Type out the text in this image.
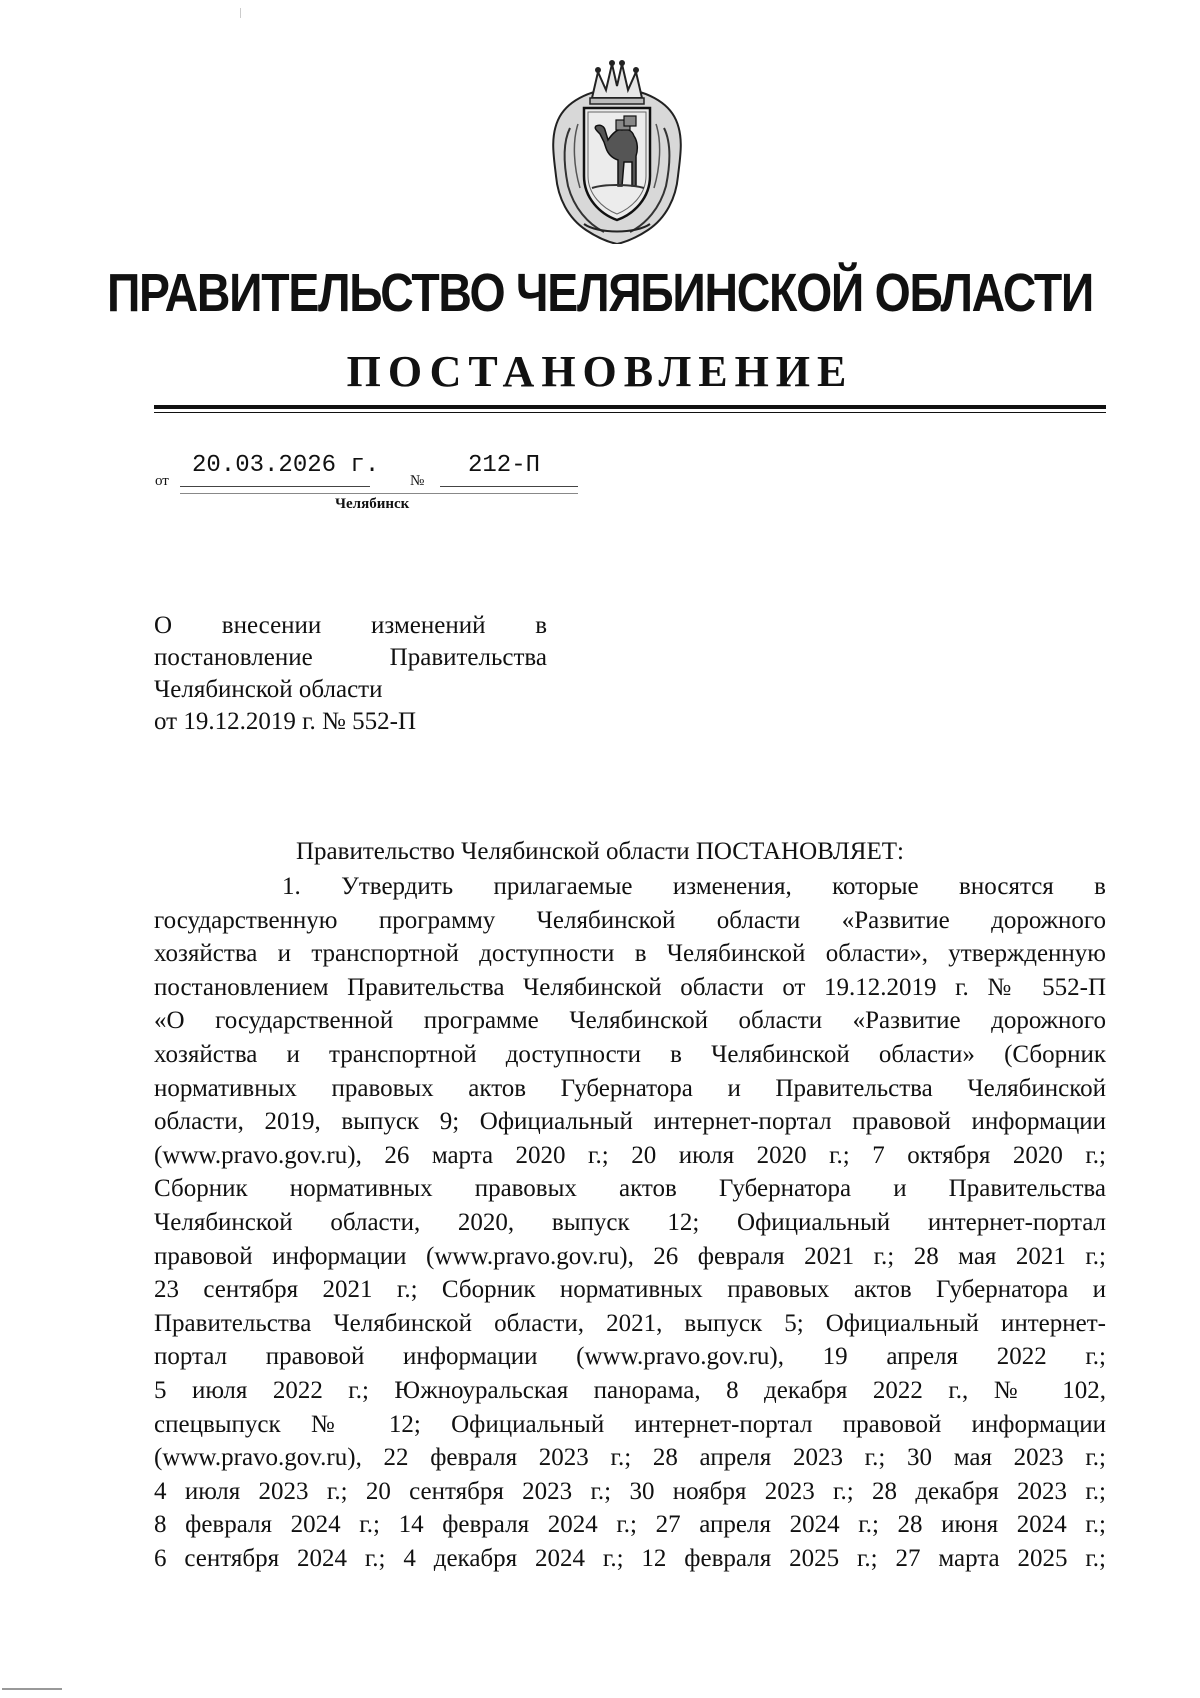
ПРАВИТЕЛЬСТВО ЧЕЛЯБИНСКОЙ ОБЛАСТИ
ПОСТАНОВЛЕНИЕ
от
20.03.2026 г.
№
212-П
Челябинск
О внесении изменений в
постановление Правительства
Челябинской области
от 19.12.2019 г. № 552-П
Правительство Челябинской области ПОСТАНОВЛЯЕТ:
1. Утвердить прилагаемые изменения, которые вносятся в
государственную программу Челябинской области «Развитие дорожного
хозяйства и транспортной доступности в Челябинской области», утвержденную
постановлением Правительства Челябинской области от 19.12.2019 г. № 552-П
«О государственной программе Челябинской области «Развитие дорожного
хозяйства и транспортной доступности в Челябинской области» (Сборник
нормативных правовых актов Губернатора и Правительства Челябинской
области, 2019, выпуск 9; Официальный интернет-портал правовой информации
(www.pravo.gov.ru), 26 марта 2020 г.; 20 июля 2020 г.; 7 октября 2020 г.;
Сборник нормативных правовых актов Губернатора и Правительства
Челябинской области, 2020, выпуск 12; Официальный интернет-портал
правовой информации (www.pravo.gov.ru), 26 февраля 2021 г.; 28 мая 2021 г.;
23 сентября 2021 г.; Сборник нормативных правовых актов Губернатора и
Правительства Челябинской области, 2021, выпуск 5; Официальный интернет-
портал правовой информации (www.pravo.gov.ru), 19 апреля 2022 г.;
5 июля 2022 г.; Южноуральская панорама, 8 декабря 2022 г., № 102,
спецвыпуск № 12; Официальный интернет-портал правовой информации
(www.pravo.gov.ru), 22 февраля 2023 г.; 28 апреля 2023 г.; 30 мая 2023 г.;
4 июля 2023 г.; 20 сентября 2023 г.; 30 ноября 2023 г.; 28 декабря 2023 г.;
8 февраля 2024 г.; 14 февраля 2024 г.; 27 апреля 2024 г.; 28 июня 2024 г.;
6 сентября 2024 г.; 4 декабря 2024 г.; 12 февраля 2025 г.; 27 марта 2025 г.;
